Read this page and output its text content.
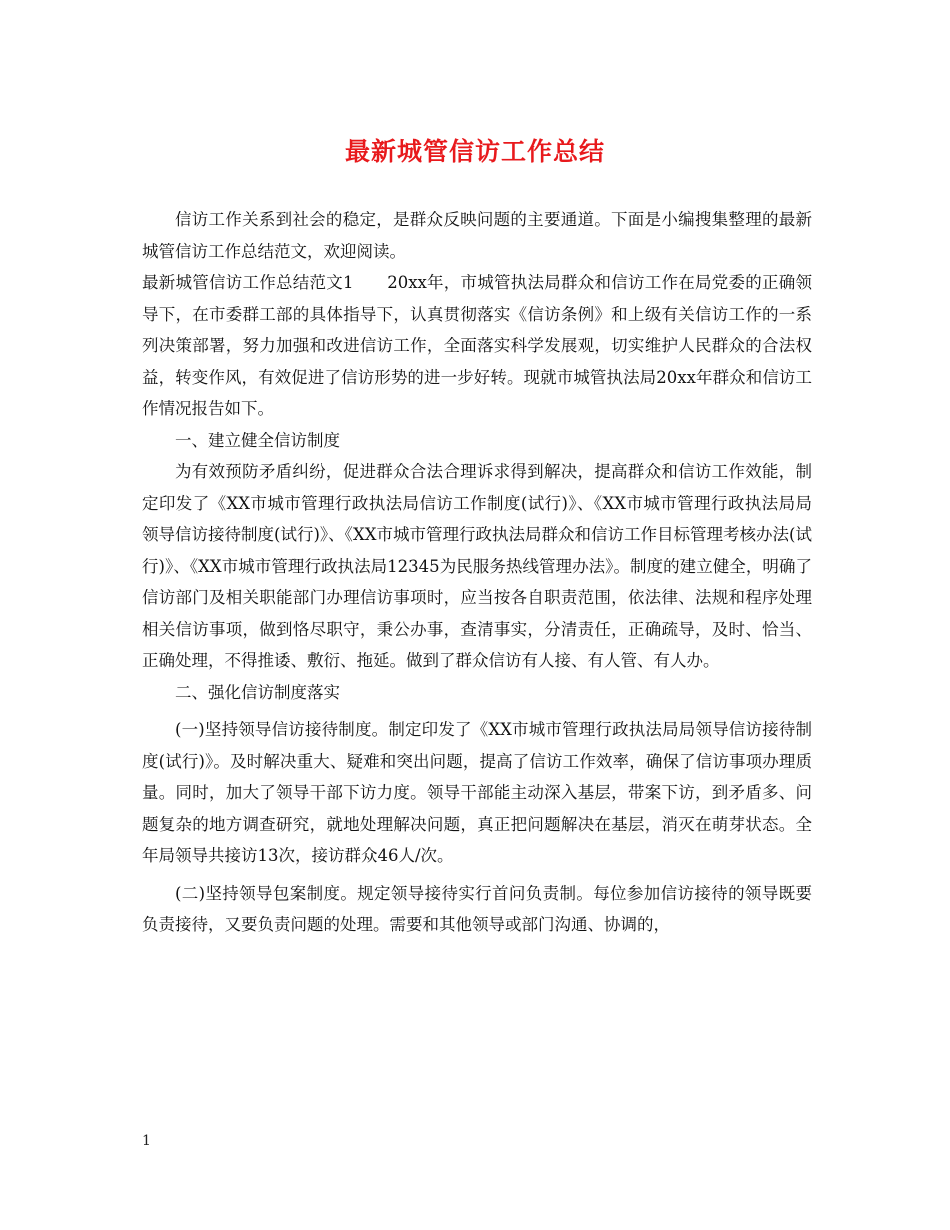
最新城管信访工作总结

信访工作关系到社会的稳定，是群众反映问题的主要通道。下面是小编搜集整理的最新城管信访工作总结范文，欢迎阅读。

最新城管信访工作总结范文1　　20xx年，市城管执法局群众和信访工作在局党委的正确领导下，在市委群工部的具体指导下，认真贯彻落实《信访条例》和上级有关信访工作的一系列决策部署，努力加强和改进信访工作，全面落实科学发展观，切实维护人民群众的合法权益，转变作风，有效促进了信访形势的进一步好转。现就市城管执法局20xx年群众和信访工作情况报告如下。

一、建立健全信访制度

为有效预防矛盾纠纷，促进群众合法合理诉求得到解决，提高群众和信访工作效能，制定印发了《XX市城市管理行政执法局信访工作制度(试行)》、《XX市城市管理行政执法局局领导信访接待制度(试行)》、《XX市城市管理行政执法局群众和信访工作目标管理考核办法(试行)》、《XX市城市管理行政执法局12345为民服务热线管理办法》。制度的建立健全，明确了信访部门及相关职能部门办理信访事项时，应当按各自职责范围，依法律、法规和程序处理相关信访事项，做到恪尽职守，秉公办事，查清事实，分清责任，正确疏导，及时、恰当、正确处理，不得推诿、敷衍、拖延。做到了群众信访有人接、有人管、有人办。

二、强化信访制度落实

(一)坚持领导信访接待制度。制定印发了《XX市城市管理行政执法局局领导信访接待制度(试行)》。及时解决重大、疑难和突出问题，提高了信访工作效率，确保了信访事项办理质量。同时，加大了领导干部下访力度。领导干部能主动深入基层，带案下访，到矛盾多、问题复杂的地方调查研究，就地处理解决问题，真正把问题解决在基层，消灭在萌芽状态。全年局领导共接访13次，接访群众46人/次。

(二)坚持领导包案制度。规定领导接待实行首问负责制。每位参加信访接待的领导既要负责接待，又要负责问题的处理。需要和其他领导或部门沟通、协调的，

1
